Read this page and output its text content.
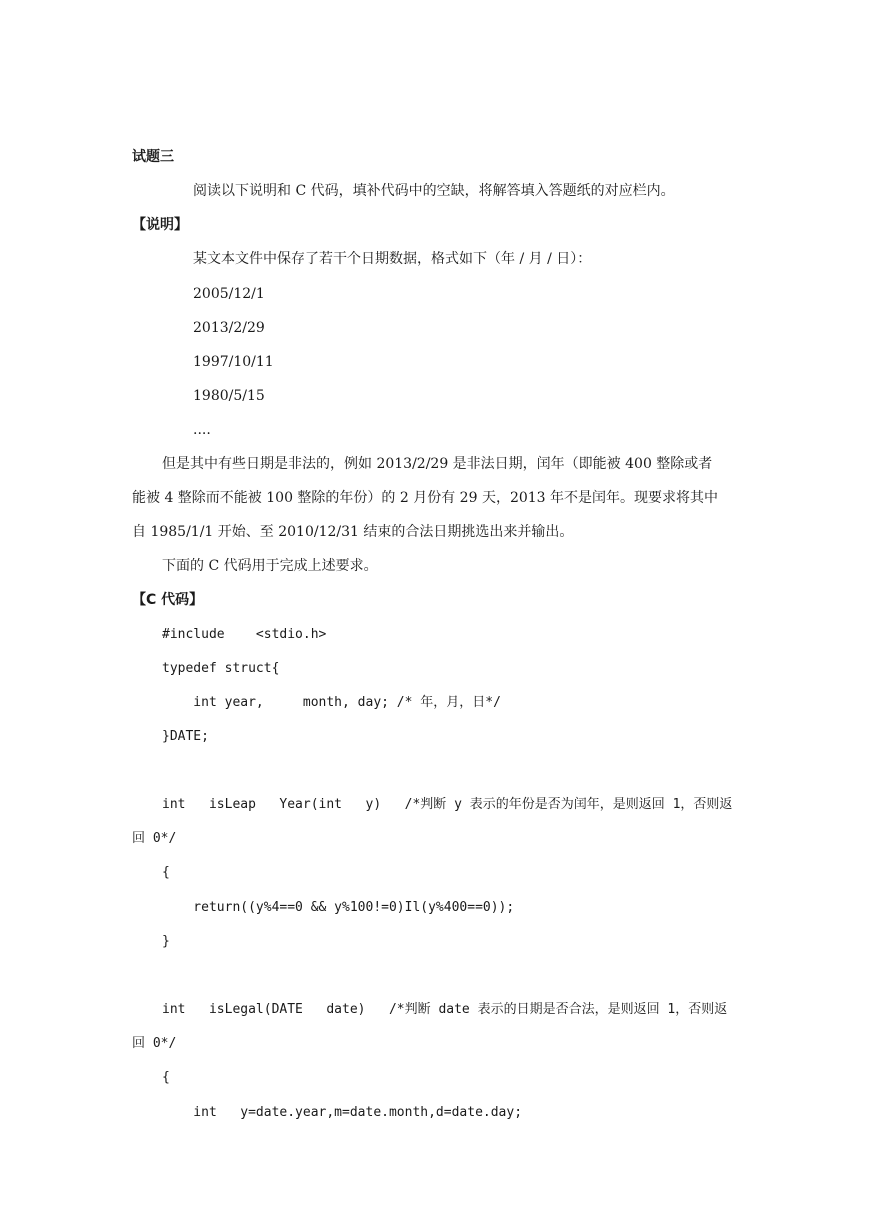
试题三
阅读以下说明和 C 代码，填补代码中的空缺，将解答填入答题纸的对应栏内。
【说明】
某文本文件中保存了若干个日期数据，格式如下（年 / 月 / 日）：
2005/12/1
2013/2/29
1997/10/11
1980/5/15
....
但是其中有些日期是非法的，例如 2013/2/29 是非法日期，闰年（即能被 400 整除或者
能被 4 整除而不能被 100 整除的年份）的 2 月份有 29 天，2013 年不是闰年。现要求将其中
自 1985/1/1 开始、至 2010/12/31 结束的合法日期挑选出来并输出。
下面的 C 代码用于完成上述要求。
【C 代码】
#include    <stdio.h>
typedef struct{
int year,     month, day; /* 年，月，日*/
}DATE;
int   isLeap   Year(int   y)   /*判断 y 表示的年份是否为闰年，是则返回 1，否则返
回 0*/
{
return((y%4==0 && y%100!=0)Il(y%400==0));
}
int   isLegal(DATE   date)   /*判断 date 表示的日期是否合法，是则返回 1，否则返
回 0*/
{
int   y=date.year,m=date.month,d=date.day;
